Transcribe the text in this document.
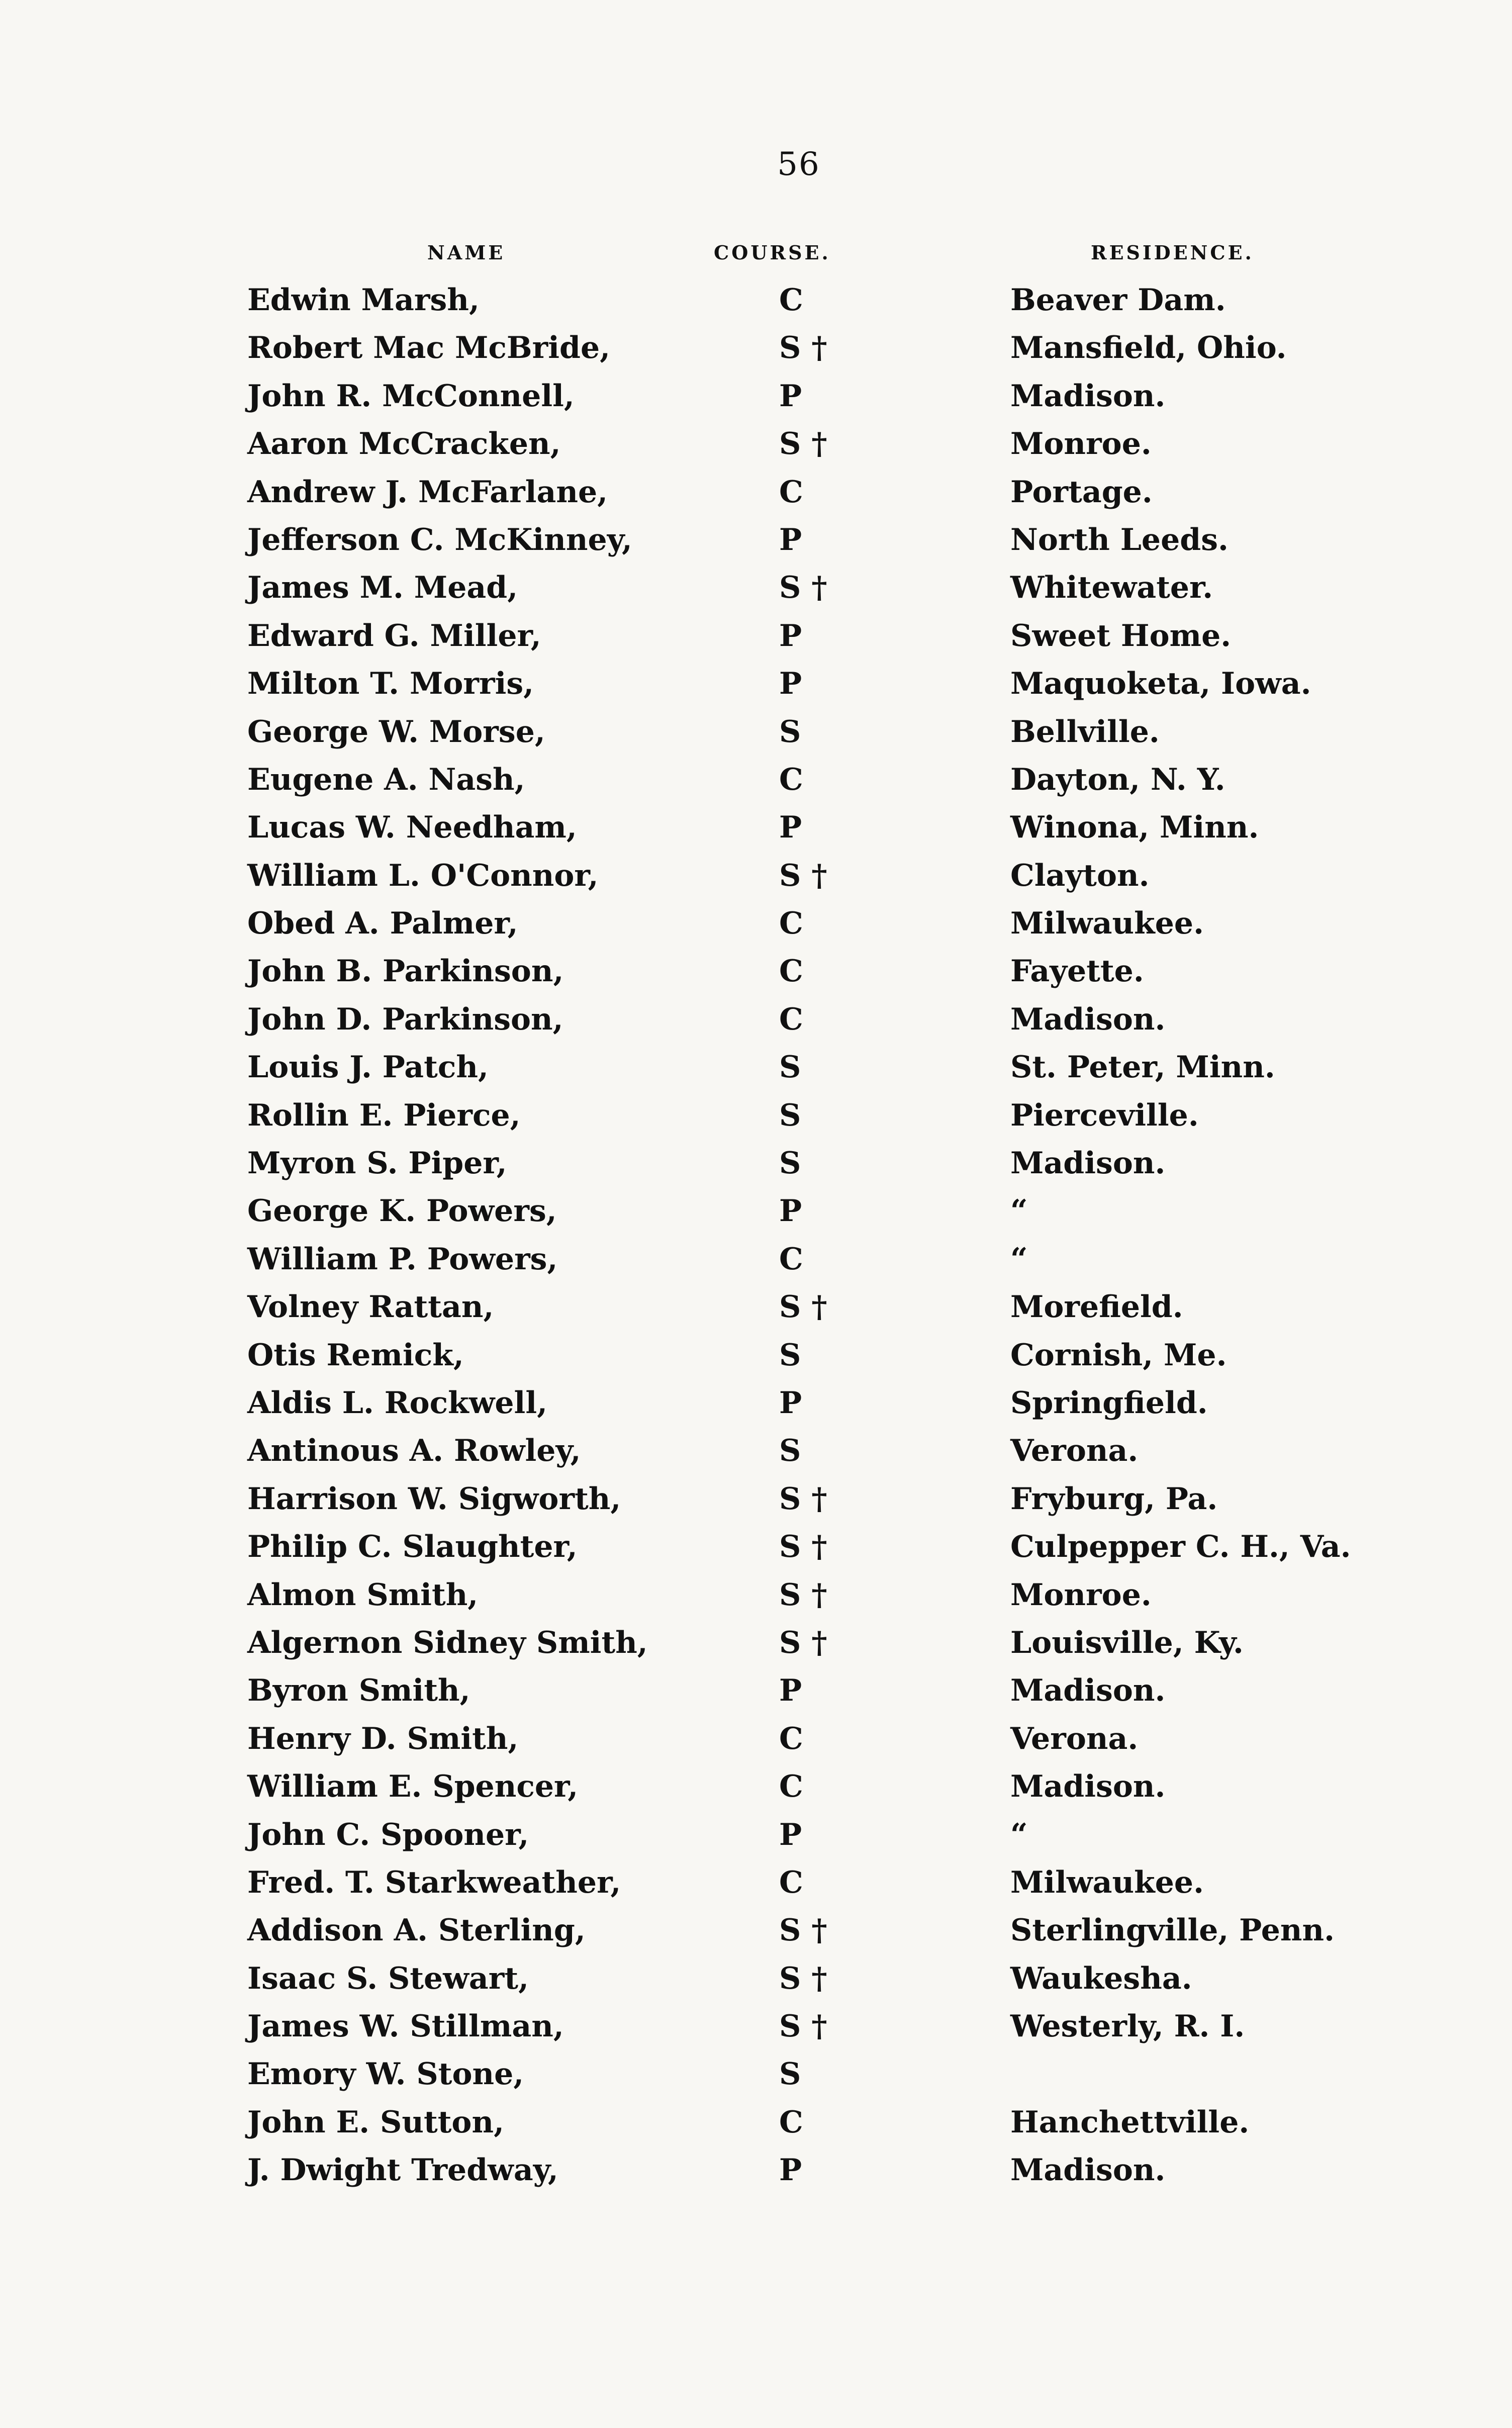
56
NAME	COURSE.	RESIDENCE.
Edwin Marsh,	C	Beaver Dam.
Robert Mac McBride,	S †	Mansfield, Ohio.
John R. McConnell,	P	Madison.
Aaron McCracken,	S †	Monroe.
Andrew J. McFarlane,	C	Portage.
Jefferson C. McKinney,	P	North Leeds.
James M. Mead,	S †	Whitewater.
Edward G. Miller,	P	Sweet Home.
Milton T. Morris,	P	Maquoketa, Iowa.
George W. Morse,	S	Bellville.
Eugene A. Nash,	C	Dayton, N. Y.
Lucas W. Needham,	P	Winona, Minn.
William L. O'Connor,	S †	Clayton.
Obed A. Palmer,	C	Milwaukee.
John B. Parkinson,	C	Fayette.
John D. Parkinson,	C	Madison.
Louis J. Patch,	S	St. Peter, Minn.
Rollin E. Pierce,	S	Pierceville.
Myron S. Piper,	S	Madison.
George K. Powers,	P	“
William P. Powers,	C	“
Volney Rattan,	S †	Morefield.
Otis Remick,	S	Cornish, Me.
Aldis L. Rockwell,	P	Springfield.
Antinous A. Rowley,	S	Verona.
Harrison W. Sigworth,	S †	Fryburg, Pa.
Philip C. Slaughter,	S †	Culpepper C. H., Va.
Almon Smith,	S †	Monroe.
Algernon Sidney Smith,	S †	Louisville, Ky.
Byron Smith,	P	Madison.
Henry D. Smith,	C	Verona.
William E. Spencer,	C	Madison.
John C. Spooner,	P	“
Fred. T. Starkweather,	C	Milwaukee.
Addison A. Sterling,	S †	Sterlingville, Penn.
Isaac S. Stewart,	S †	Waukesha.
James W. Stillman,	S †	Westerly, R. I.
Emory W. Stone,	S
John E. Sutton,	C	Hanchettville.
J. Dwight Tredway,	P	Madison.
